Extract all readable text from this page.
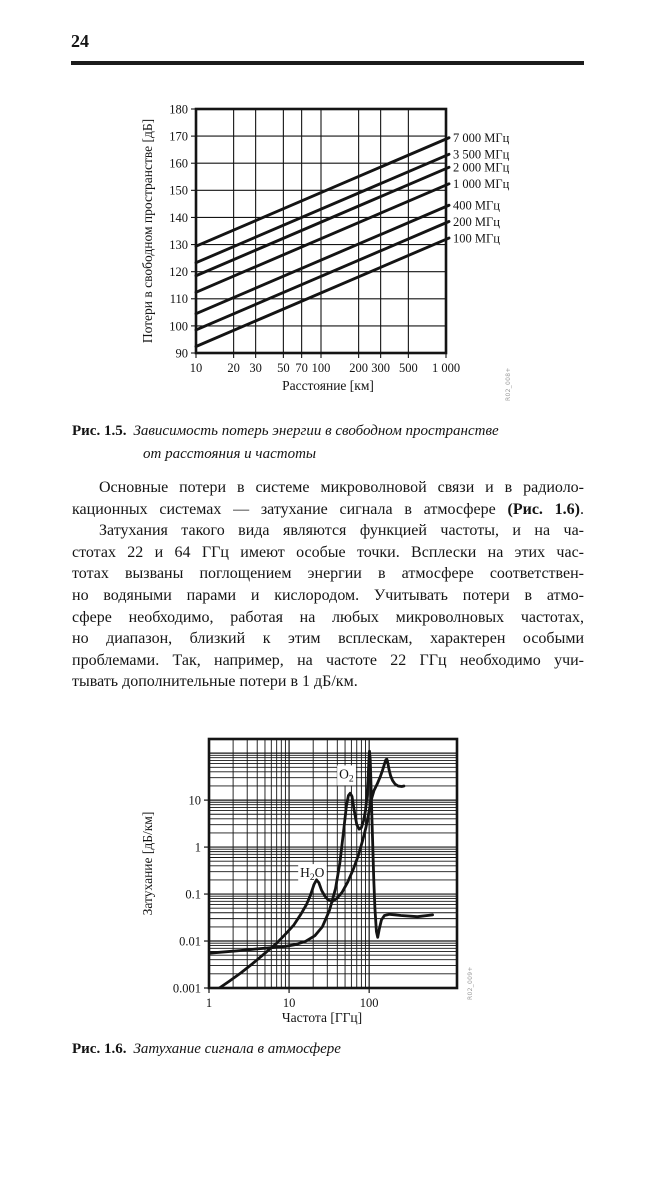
24
10 20 30 50 70 100 200 300 500 1 000
90
100
110
120
130
140
150
160
170
180
7 000 МГц
3 500 МГц
2 000 МГц
1 000 МГц
400 МГц
200 МГц
100 МГц
Потери в свободном пространстве [дБ]
Расстояние [км]	R02_008+
Рис. 1.5. Зависимость потерь энергии в свободном пространстве
от расстояния и частоты
Основные потери в системе микроволновой связи и в радиоло-
кационных системах — затухание сигнала в атмосфере (Рис. 1.6).
Затухания такого вида являются функцией частоты, и на ча-
стотах 22 и 64 ГГц имеют особые точки. Всплески на этих час-
тотах вызваны поглощением энергии в атмосфере соответствен-
но водяными парами и кислородом. Учитывать потери в атмо-
сфере необходимо, работая на любых микроволновых частотах,
но диапазон, близкий к этим всплескам, характерен особыми
проблемами. Так, например, на частоте 22 ГГц необходимо учи-
тывать дополнительные потери в 1 дБ/км.
1	10	100
10
1
0.1
0.01
0.001
$O_2$
$H_2O$
Затухание [дБ/км]
Частота [ГГц]
R02_009+
Рис. 1.6. Затухание сигнала в атмосфере
